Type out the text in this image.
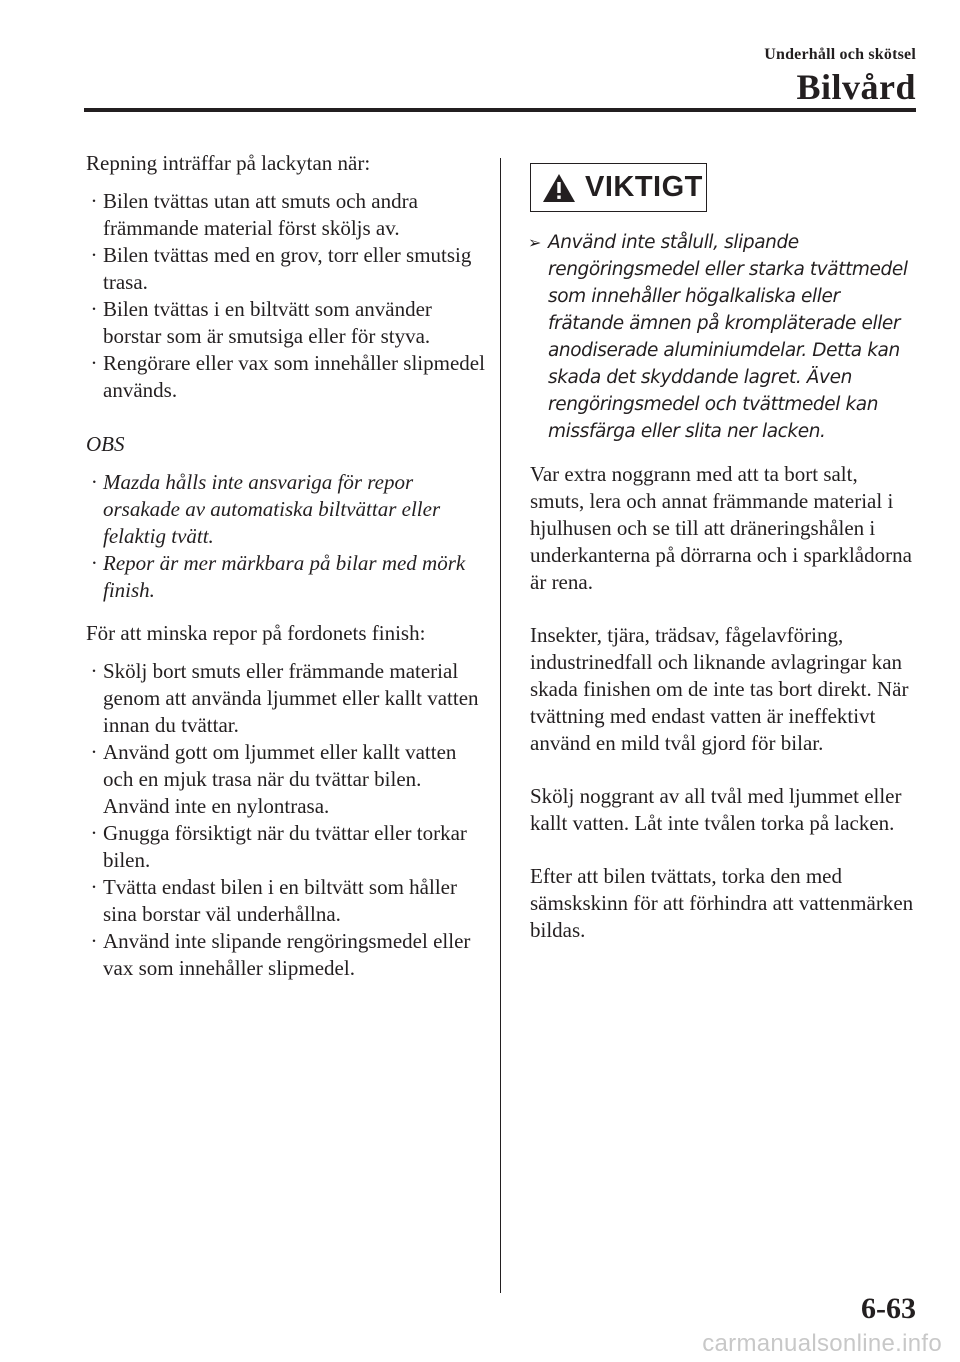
Underhåll och skötsel
Bilvård

Repning inträffar på lackytan när:

· Bilen tvättas utan att smuts och andra främmande material först sköljs av.
· Bilen tvättas med en grov, torr eller smutsig trasa.
· Bilen tvättas i en biltvätt som använder borstar som är smutsiga eller för styva.
· Rengörare eller vax som innehåller slipmedel används.

OBS

· Mazda hålls inte ansvariga för repor orsakade av automatiska biltvättar eller felaktig tvätt.
· Repor är mer märkbara på bilar med mörk finish.

För att minska repor på fordonets finish:

· Skölj bort smuts eller främmande material genom att använda ljummet eller kallt vatten innan du tvättar.
· Använd gott om ljummet eller kallt vatten och en mjuk trasa när du tvättar bilen. Använd inte en nylontrasa.
· Gnugga försiktigt när du tvättar eller torkar bilen.
· Tvätta endast bilen i en biltvätt som håller sina borstar väl underhållna.
· Använd inte slipande rengöringsmedel eller vax som innehåller slipmedel.
VIKTIGT
➢ Använd inte stålull, slipande rengöringsmedel eller starka tvättmedel som innehåller högalkaliska eller frätande ämnen på krompläterade eller anodiserade aluminiumdelar. Detta kan skada det skyddande lagret. Även rengöringsmedel och tvättmedel kan missfärga eller slita ner lacken.

Var extra noggrann med att ta bort salt, smuts, lera och annat främmande material i hjulhusen och se till att dräneringshålen i underkanterna på dörrarna och i sparklådorna är rena.

Insekter, tjära, trädsav, fågelavföring, industrinedfall och liknande avlagringar kan skada finishen om de inte tas bort direkt. När tvättning med endast vatten är ineffektivt använd en mild tvål gjord för bilar.

Skölj noggrant av all tvål med ljummet eller kallt vatten. Låt inte tvålen torka på lacken.

Efter att bilen tvättats, torka den med sämskskinn för att förhindra att vattenmärken bildas.

6-63
carmanualsonline.info
